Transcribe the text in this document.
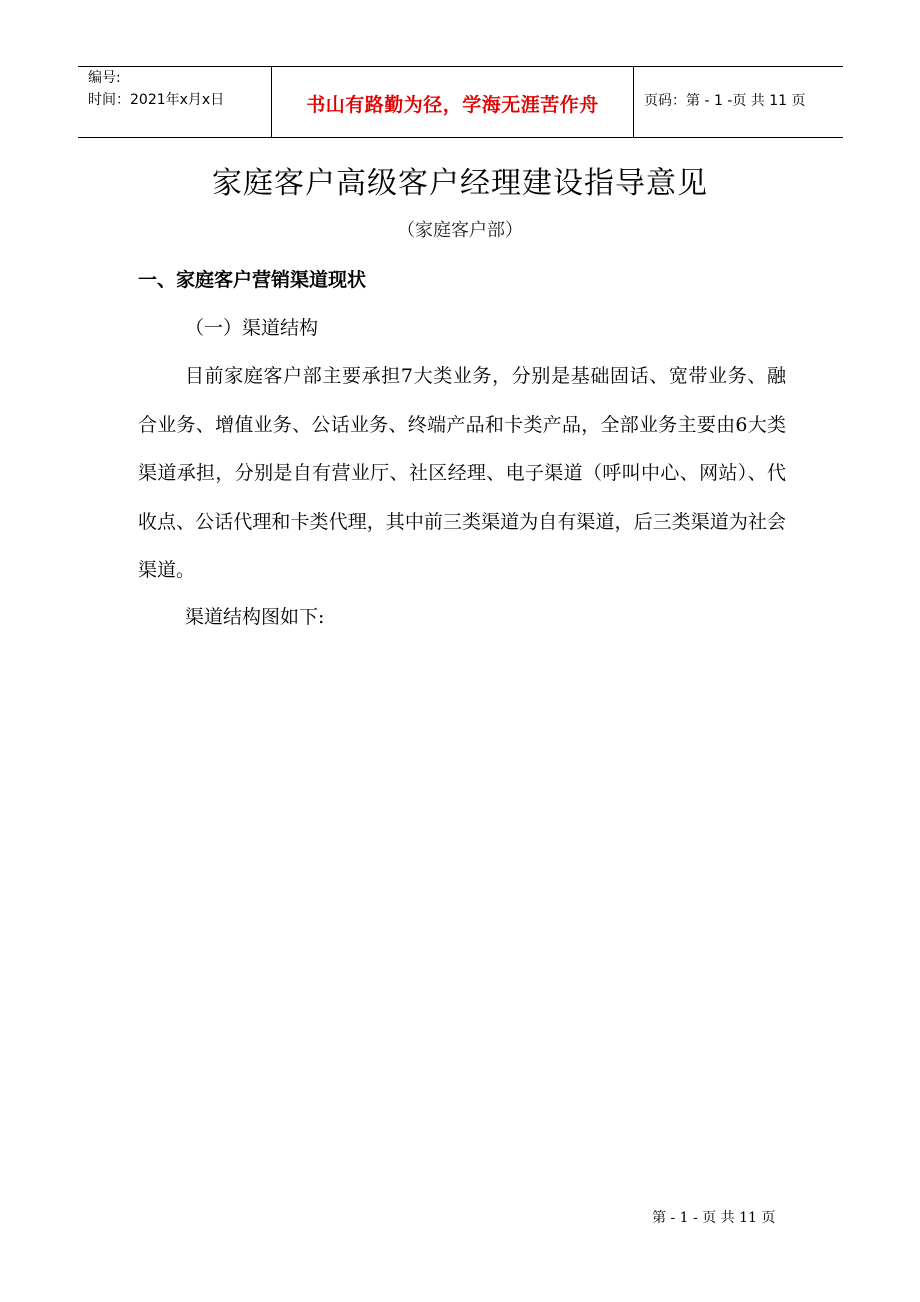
编号:
时间：2021年x月x日	书山有路勤为径，学海无涯苦作舟	页码：第 - 1 -页 共 11 页
家庭客户高级客户经理建设指导意见
（家庭客户部）
一、家庭客户营销渠道现状
（一）渠道结构
目前家庭客户部主要承担7大类业务，分别是基础固话、宽带业务、融合业务、增值业务、公话业务、终端产品和卡类产品，全部业务主要由6大类渠道承担，分别是自有营业厅、社区经理、电子渠道（呼叫中心、网站）、代收点、公话代理和卡类代理，其中前三类渠道为自有渠道，后三类渠道为社会渠道。
渠道结构图如下:
第 - 1 - 页 共 11 页
